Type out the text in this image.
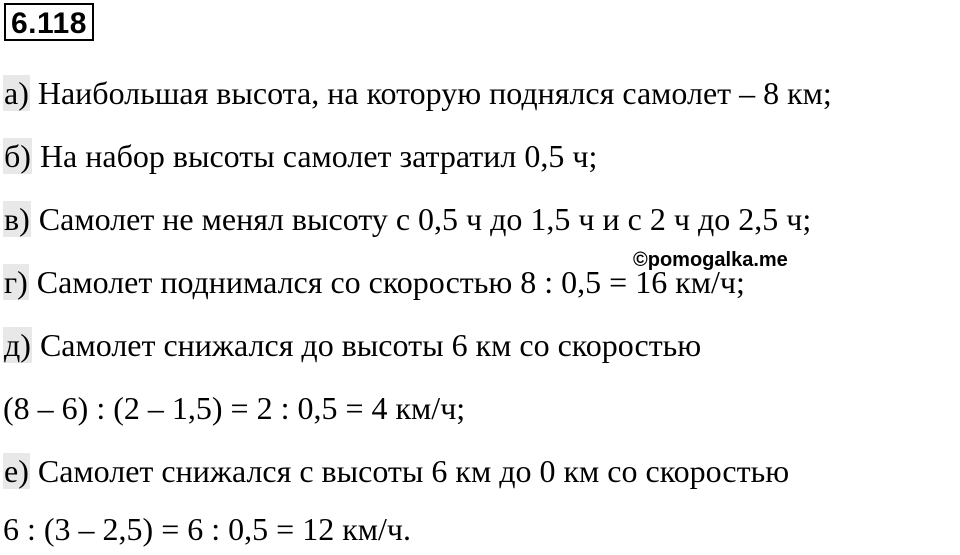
6.118
а) Наибольшая высота, на которую поднялся самолет – 8 км;
б) На набор высоты самолет затратил 0,5 ч;
в) Самолет не менял высоту с 0,5 ч до 1,5 ч и с 2 ч до 2,5 ч;
©pomogalka.me
г) Самолет поднимался со скоростью 8 : 0,5 = 16 км/ч;
д) Самолет снижался до высоты 6 км со скоростью
(8 – 6) : (2 – 1,5) = 2 : 0,5 = 4 км/ч;
е) Самолет снижался с высоты 6 км до 0 км со скоростью
6 : (3 – 2,5) = 6 : 0,5 = 12 км/ч.
